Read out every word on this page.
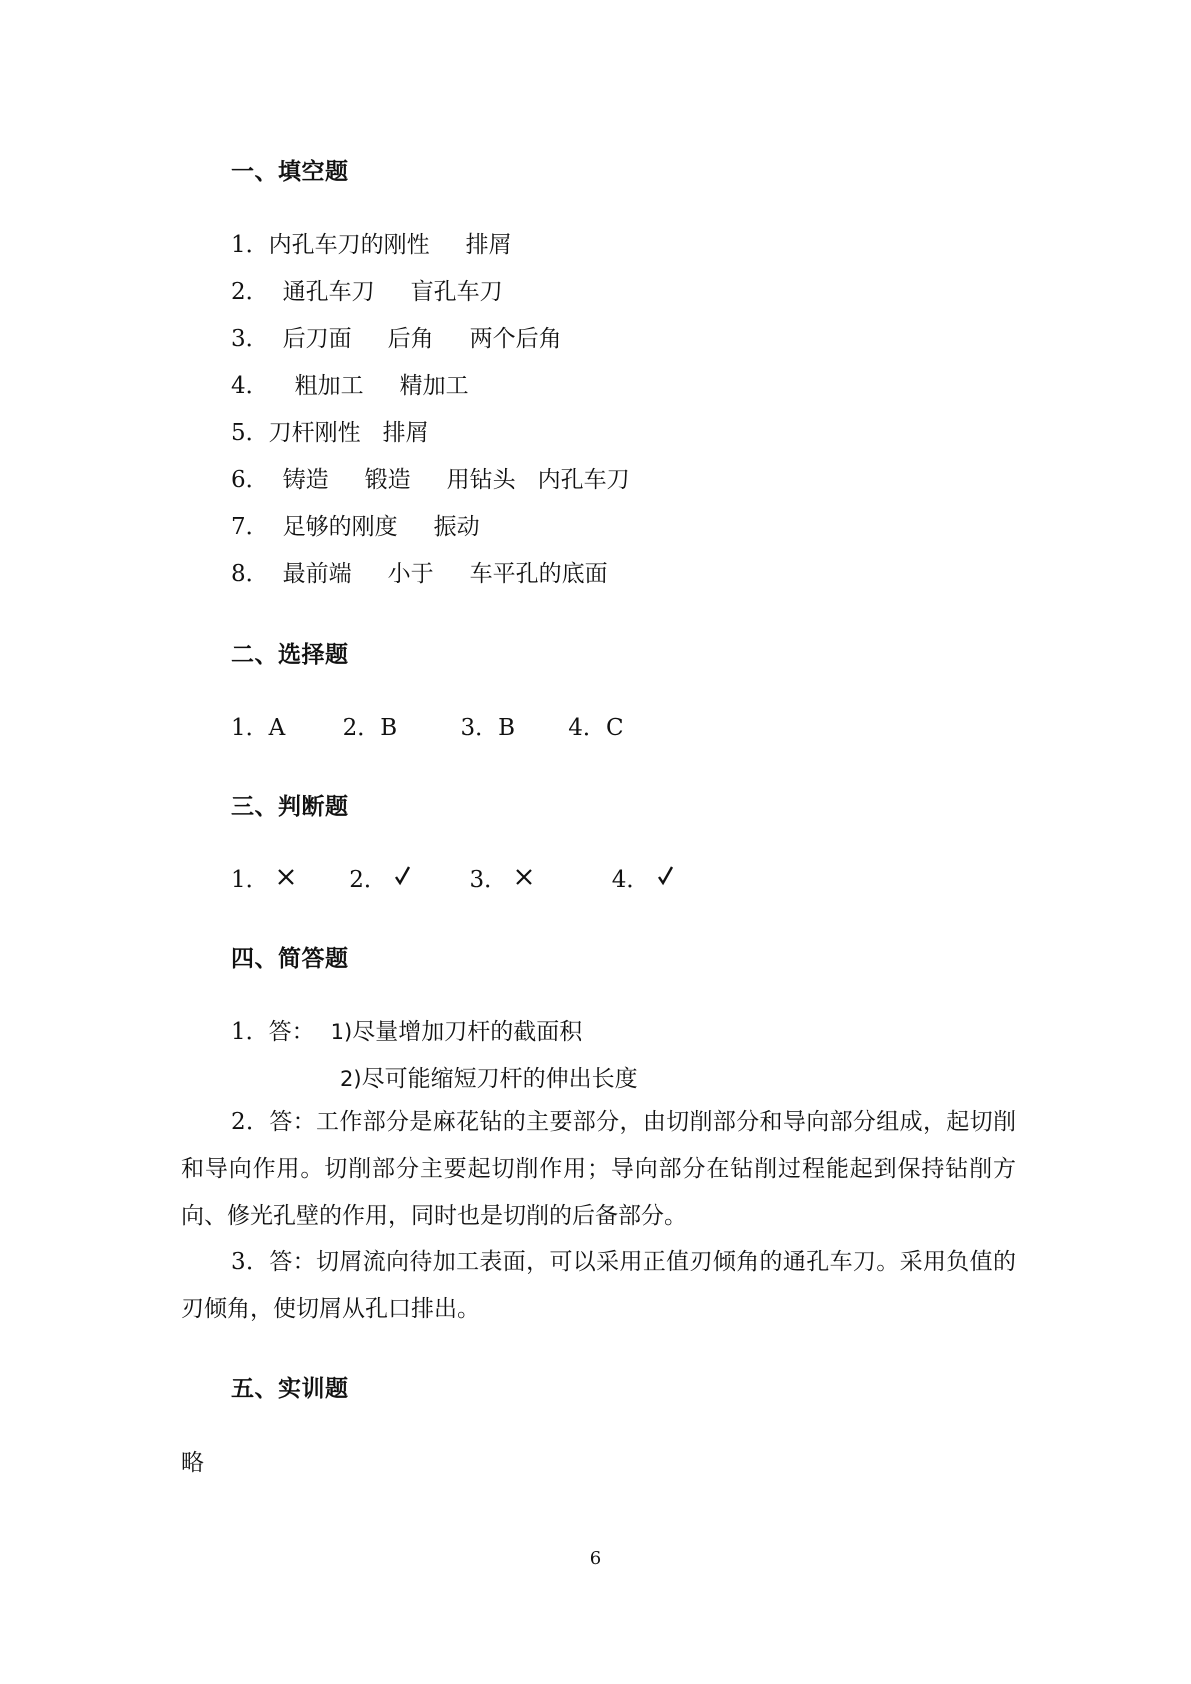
一、填空题
1．内孔车刀的刚性 排屑
2． 通孔车刀 盲孔车刀
3． 后刀面 后角 两个后角
4． 粗加工 精加工
5．刀杆刚性 排屑
6． 铸造 锻造 用钻头 内孔车刀
7． 足够的刚度 振动
8． 最前端 小于 车平孔的底面
二、选择题
1．A 2．B	3．B 4．C
三、判断题
1．	2．	3．	4．
四、简答题
1．答： 1)尽量增加刀杆的截面积
2)尽可能缩短刀杆的伸出长度
2．答：工作部分是麻花钻的主要部分，由切削部分和导向部分组成，起切削和导向作用。切削部分主要起切削作用；导向部分在钻削过程能起到保持钻削方向、修光孔壁的作用，同时也是切削的后备部分。
3．答：切屑流向待加工表面，可以采用正值刃倾角的通孔车刀。采用负值的刃倾角，使切屑从孔口排出。
五、实训题
略
6
